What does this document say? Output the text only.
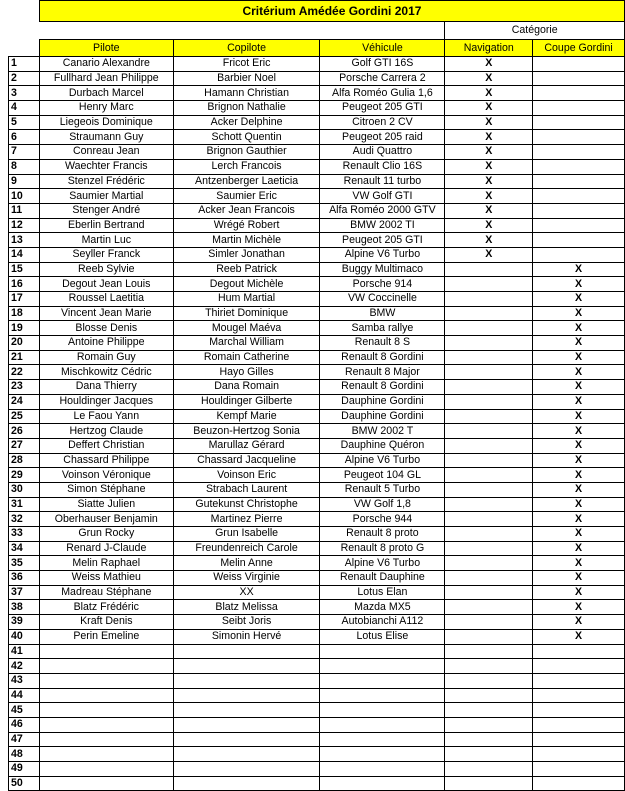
	Critérium Amédée Gordini 2017				
				Catégorie	
	Pilote	Copilote	Véhicule	Navigation	Coupe Gordini
1	Canario Alexandre	Fricot Eric	Golf GTI 16S	X	
2	Fullhard Jean Philippe	Barbier Noel	Porsche Carrera 2	X	
3	Durbach Marcel	Hamann Christian	Alfa Roméo Gulia 1,6	X	
4	Henry Marc	Brignon Nathalie	Peugeot 205 GTI	X	
5	Liegeois Dominique	Acker Delphine	Citroen 2 CV	X	
6	Straumann Guy	Schott Quentin	Peugeot 205 raid	X	
7	Conreau Jean	Brignon Gauthier	Audi Quattro	X	
8	Waechter Francis	Lerch Francois	Renault Clio 16S	X	
9	Stenzel Frédéric	Antzenberger Laeticia	Renault 11 turbo	X	
10	Saumier Martial	Saumier Eric	VW Golf GTI	X	
11	Stenger André	Acker Jean Francois	Alfa Roméo 2000 GTV	X	
12	Eberlin Bertrand	Wrégé Robert	BMW 2002 TI	X	
13	Martin Luc	Martin Michèle	Peugeot 205 GTI	X	
14	Seyller Franck	Simler Jonathan	Alpine V6 Turbo	X	
15	Reeb Sylvie	Reeb Patrick	Buggy Multimaco		X
16	Degout Jean Louis	Degout Michèle	Porsche 914		X
17	Roussel Laetitia	Hum Martial	VW Coccinelle		X
18	Vincent Jean Marie	Thiriet Dominique	BMW		X
19	Blosse Denis	Mougel Maéva	Samba rallye		X
20	Antoine Philippe	Marchal William	Renault 8 S		X
21	Romain Guy	Romain Catherine	Renault 8 Gordini		X
22	Mischkowitz Cédric	Hayo Gilles	Renault 8 Major		X
23	Dana Thierry	Dana Romain	Renault 8 Gordini		X
24	Houldinger Jacques	Houldinger Gilberte	Dauphine Gordini		X
25	Le Faou Yann	Kempf Marie	Dauphine Gordini		X
26	Hertzog Claude	Beuzon-Hertzog Sonia	BMW 2002 T		X
27	Deffert Christian	Marullaz Gérard	Dauphine Quéron		X
28	Chassard Philippe	Chassard Jacqueline	Alpine V6 Turbo		X
29	Voinson Véronique	Voinson Eric	Peugeot 104 GL		X
30	Simon Stéphane	Strabach Laurent	Renault 5 Turbo		X
31	Siatte Julien	Gutekunst Christophe	VW Golf 1,8		X
32	Oberhauser Benjamin	Martinez Pierre	Porsche 944		X
33	Grun Rocky	Grun Isabelle	Renault 8 proto		X
34	Renard J-Claude	Freundenreich Carole	Renault 8 proto G		X
35	Melin Raphael	Melin Anne	Alpine V6 Turbo		X
36	Weiss Mathieu	Weiss Virginie	Renault Dauphine		X
37	Madreau Stéphane	XX	Lotus Elan		X
38	Blatz Frédéric	Blatz Melissa	Mazda MX5		X
39	Kraft Denis	Seibt Joris	Autobianchi A112		X
40	Perin Emeline	Simonin Hervé	Lotus Elise		X
41					
42					
43					
44					
45					
46					
47					
48					
49					
50					
